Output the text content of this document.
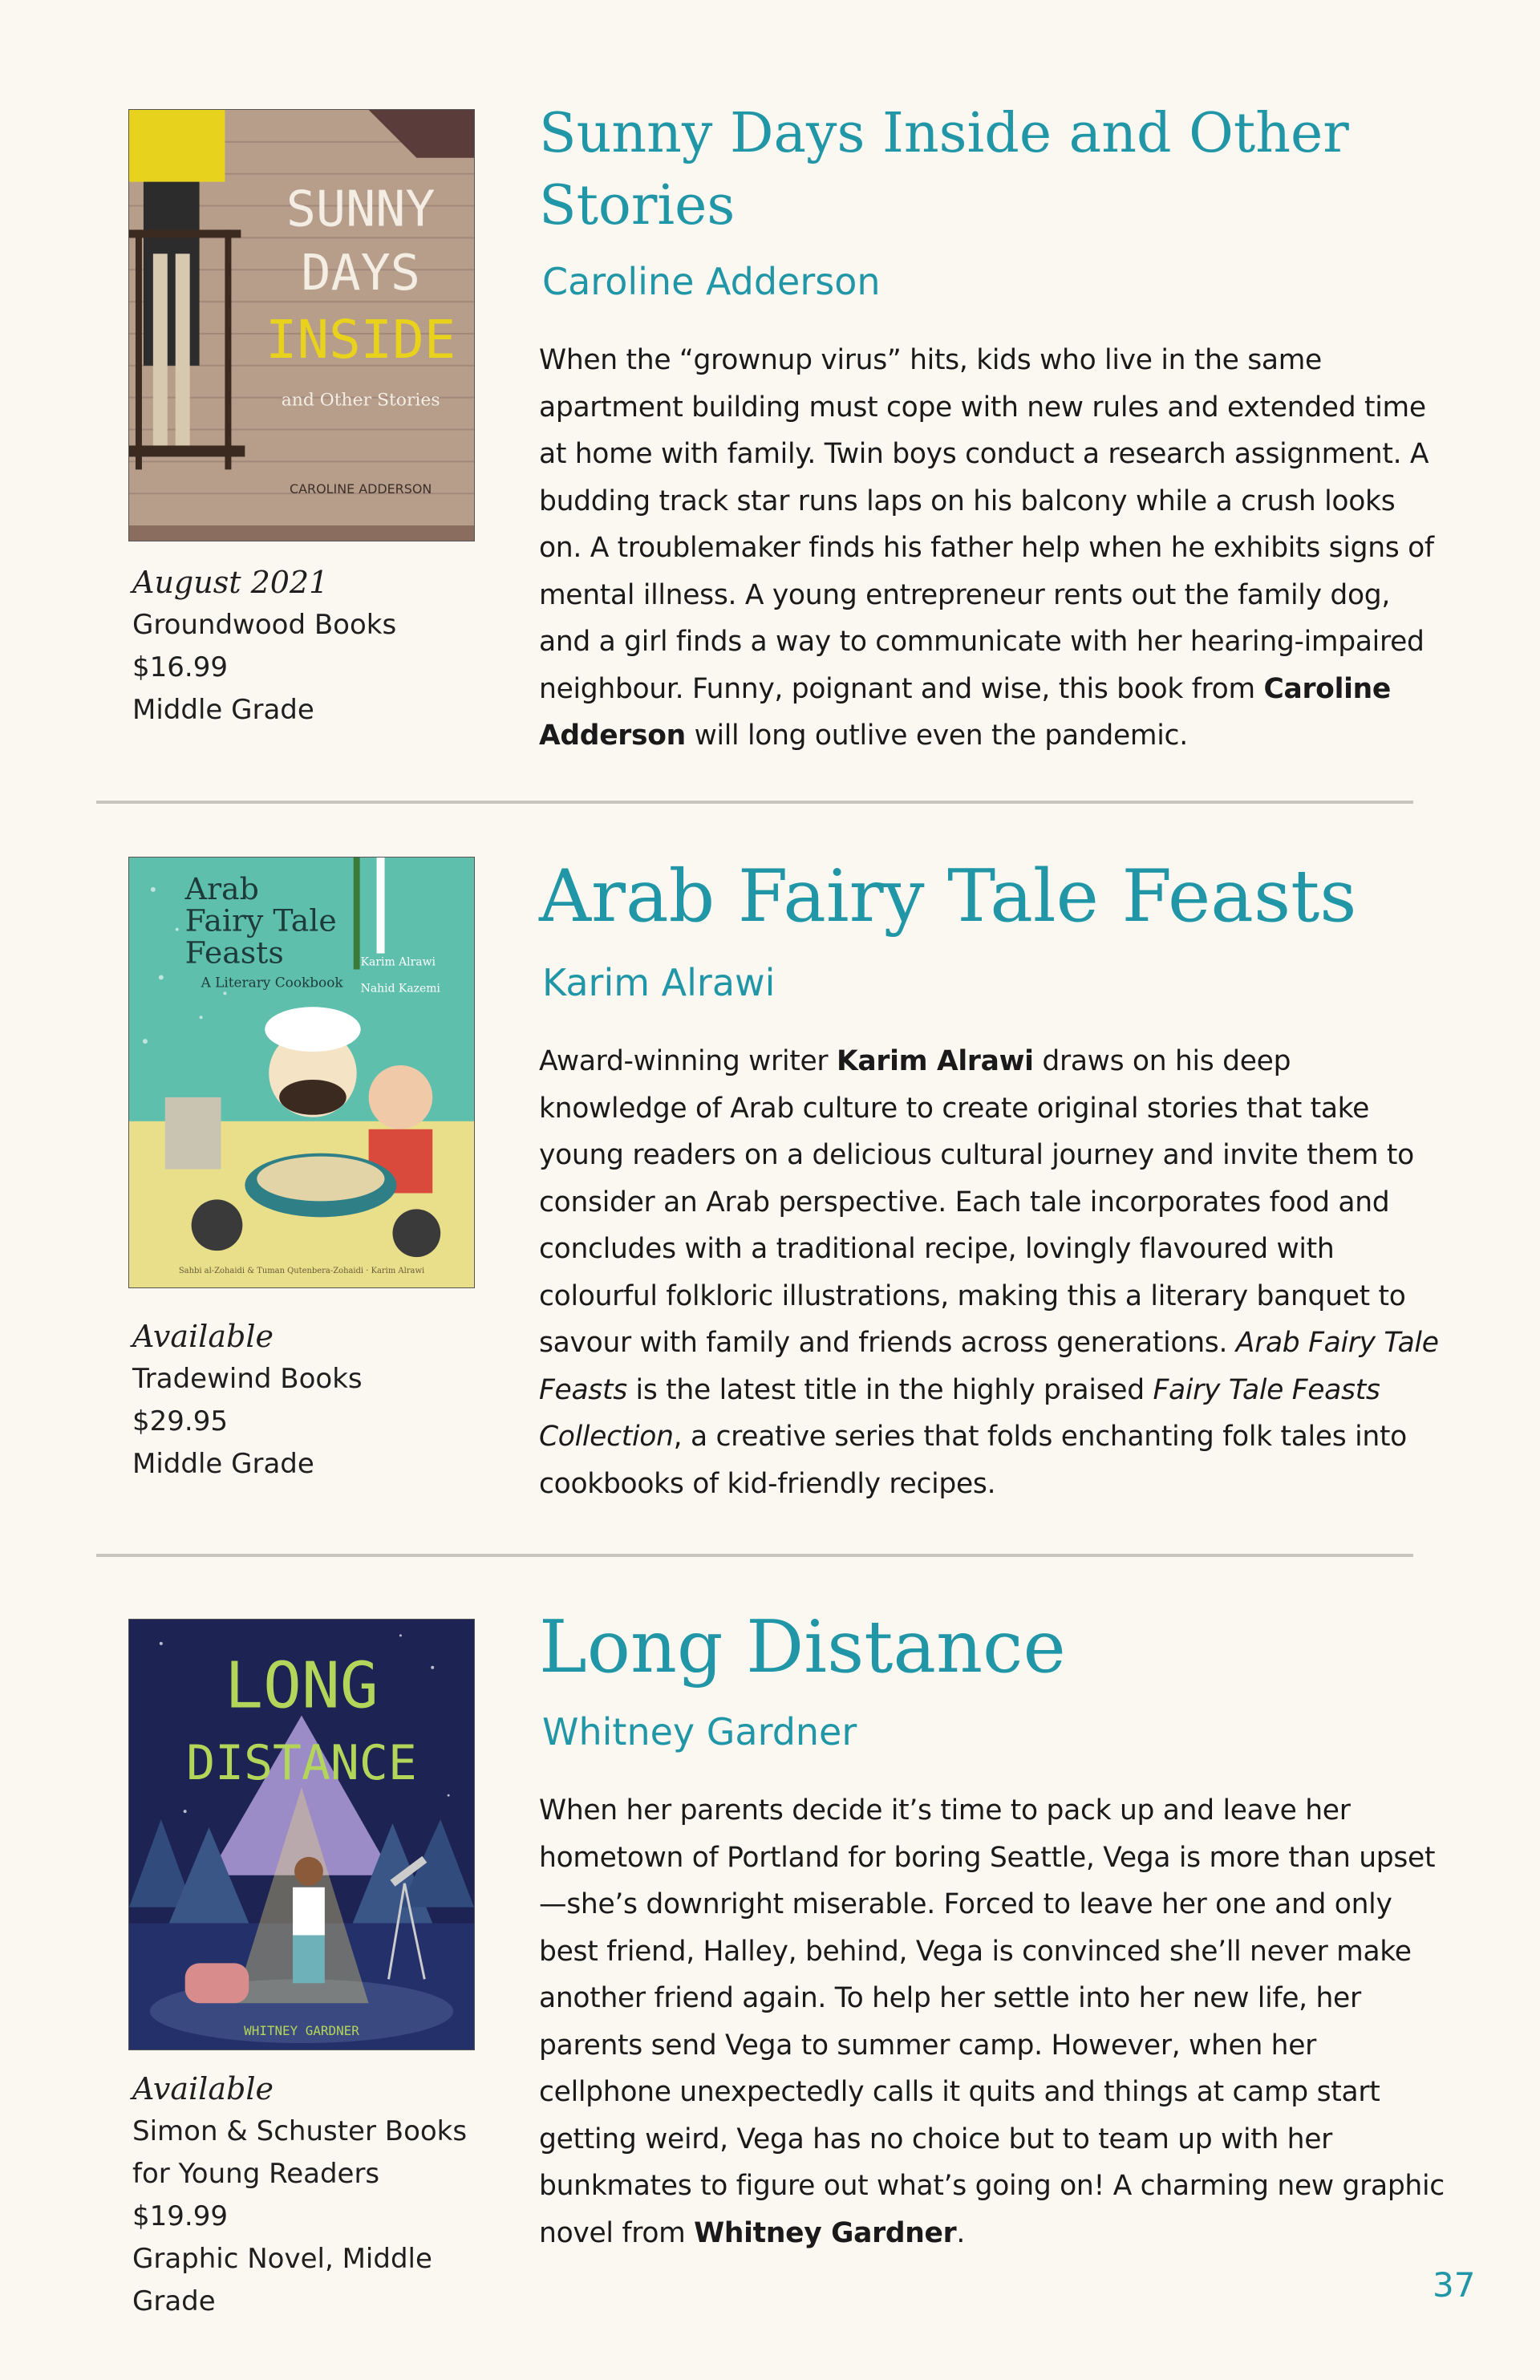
SUNNY
DAYS
INSIDE
and Other Stories
CAROLINE ADDERSON
August 2021
Groundwood Books
$16.99
Middle Grade
Sunny Days Inside and Other Stories
Caroline Adderson

When the “grownup virus” hits, kids who live in the same apartment building must cope with new rules and extended time at home with family. Twin boys conduct a research assignment. A budding track star runs laps on his balcony while a crush looks on. A troublemaker finds his father help when he exhibits signs of mental illness. A young entrepreneur rents out the family dog, and a girl finds a way to communicate with her hearing-impaired neighbour. Funny, poignant and wise, this book from Caroline Adderson will long outlive even the pandemic.

Arab
Fairy Tale
Feasts
A Literary Cookbook
Karim Alrawi
Nahid Kazemi
Sahbi al-Zohaidi & Tuman Qutenbera-Zohaidi · Karim Alrawi
Available
Tradewind Books
$29.95
Middle Grade
Arab Fairy Tale Feasts
Karim Alrawi

Award-winning writer Karim Alrawi draws on his deep knowledge of Arab culture to create original stories that take young readers on a delicious cultural journey and invite them to consider an Arab perspective. Each tale incorporates food and concludes with a traditional recipe, lovingly flavoured with colourful folkloric illustrations, making this a literary banquet to savour with family and friends across generations. Arab Fairy Tale Feasts is the latest title in the highly praised Fairy Tale Feasts Collection, a creative series that folds enchanting folk tales into cookbooks of kid-friendly recipes.

LONG
DISTANCE
WHITNEY GARDNER
Available
Simon & Schuster Books
for Young Readers
$19.99
Graphic Novel, Middle Grade
Long Distance
Whitney Gardner

When her parents decide it’s time to pack up and leave her hometown of Portland for boring Seattle, Vega is more than upset—she’s downright miserable. Forced to leave her one and only best friend, Halley, behind, Vega is convinced she’ll never make another friend again. To help her settle into her new life, her parents send Vega to summer camp. However, when her cellphone unexpectedly calls it quits and things at camp start getting weird, Vega has no choice but to team up with her bunkmates to figure out what’s going on! A charming new graphic novel from Whitney Gardner.

37
